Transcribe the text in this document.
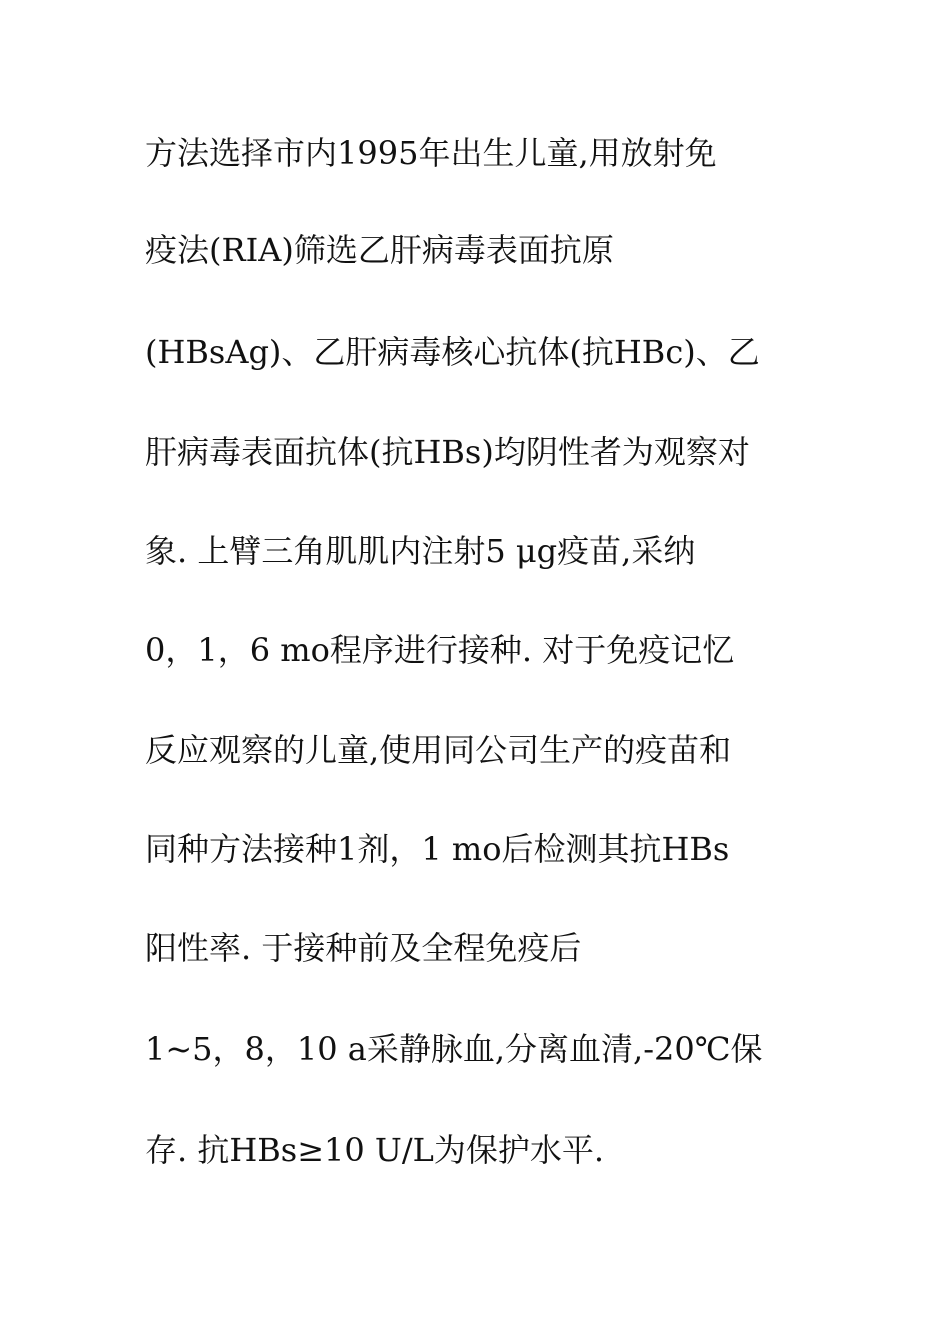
方法选择市内1995年出生儿童,用放射免
疫法(RIA)筛选乙肝病毒表面抗原
(HBsAg)、乙肝病毒核心抗体(抗HBc)、乙
肝病毒表面抗体(抗HBs)均阴性者为观察对
象. 上臂三角肌肌内注射5 μg疫苗,采纳
0，1，6 mo程序进行接种. 对于免疫记忆
反应观察的儿童,使用同公司生产的疫苗和
同种方法接种1剂，1 mo后检测其抗HBs
阳性率. 于接种前及全程免疫后
1~5，8，10 a采静脉血,分离血清,-20℃保
存. 抗HBs≥10 U/L为保护水平.
